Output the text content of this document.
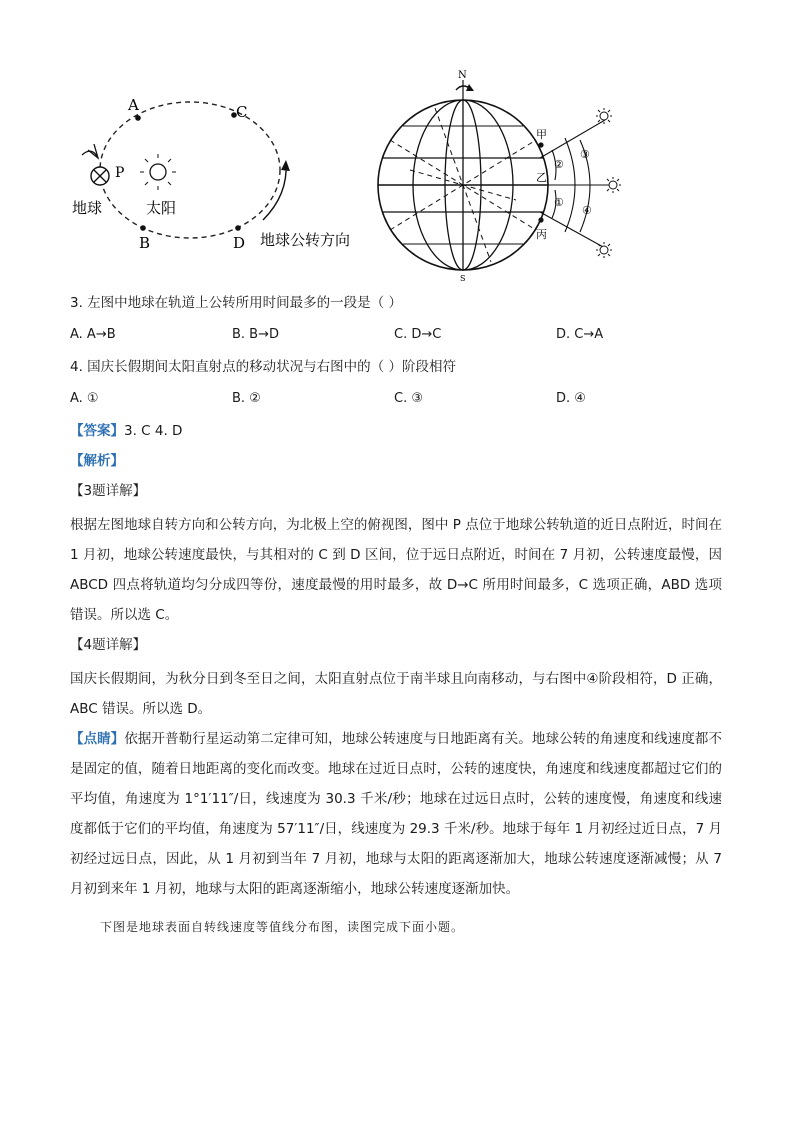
A	C
P
B	D
地球	太阳
地球公转方向
N
S
甲
乙
丙
②
①
③
④

3. 左图中地球在轨道上公转所用时间最多的一段是（ ）

A. A→B	B. B→D	C. D→C	D. C→A

4. 国庆长假期间太阳直射点的移动状况与右图中的（ ）阶段相符

A. ①	B. ②	C. ③	D. ④

【答案】3. C 4. D

【解析】

【3题详解】

根据左图地球自转方向和公转方向，为北极上空的俯视图，图中 P 点位于地球公转轨道的近日点附近，时间在 1 月初，地球公转速度最快，与其相对的 C 到 D 区间，位于远日点附近，时间在 7 月初，公转速度最慢，因 ABCD 四点将轨道均匀分成四等份，速度最慢的用时最多，故 D→C 所用时间最多，C 选项正确，ABD 选项错误。所以选 C。

【4题详解】

国庆长假期间，为秋分日到冬至日之间，太阳直射点位于南半球且向南移动，与右图中④阶段相符，D 正确，ABC 错误。所以选 D。

【点睛】依据开普勒行星运动第二定律可知，地球公转速度与日地距离有关。地球公转的角速度和线速度都不是固定的值，随着日地距离的变化而改变。地球在过近日点时，公转的速度快，角速度和线速度都超过它们的平均值，角速度为 1°1′11″/日，线速度为 30.3 千米/秒；地球在过远日点时，公转的速度慢，角速度和线速度都低于它们的平均值，角速度为 57′11″/日，线速度为 29.3 千米/秒。地球于每年 1 月初经过近日点，7 月初经过远日点，因此，从 1 月初到当年 7 月初，地球与太阳的距离逐渐加大，地球公转速度逐渐减慢；从 7 月初到来年 1 月初，地球与太阳的距离逐渐缩小，地球公转速度逐渐加快。

下图是地球表面自转线速度等值线分布图，读图完成下面小题。
